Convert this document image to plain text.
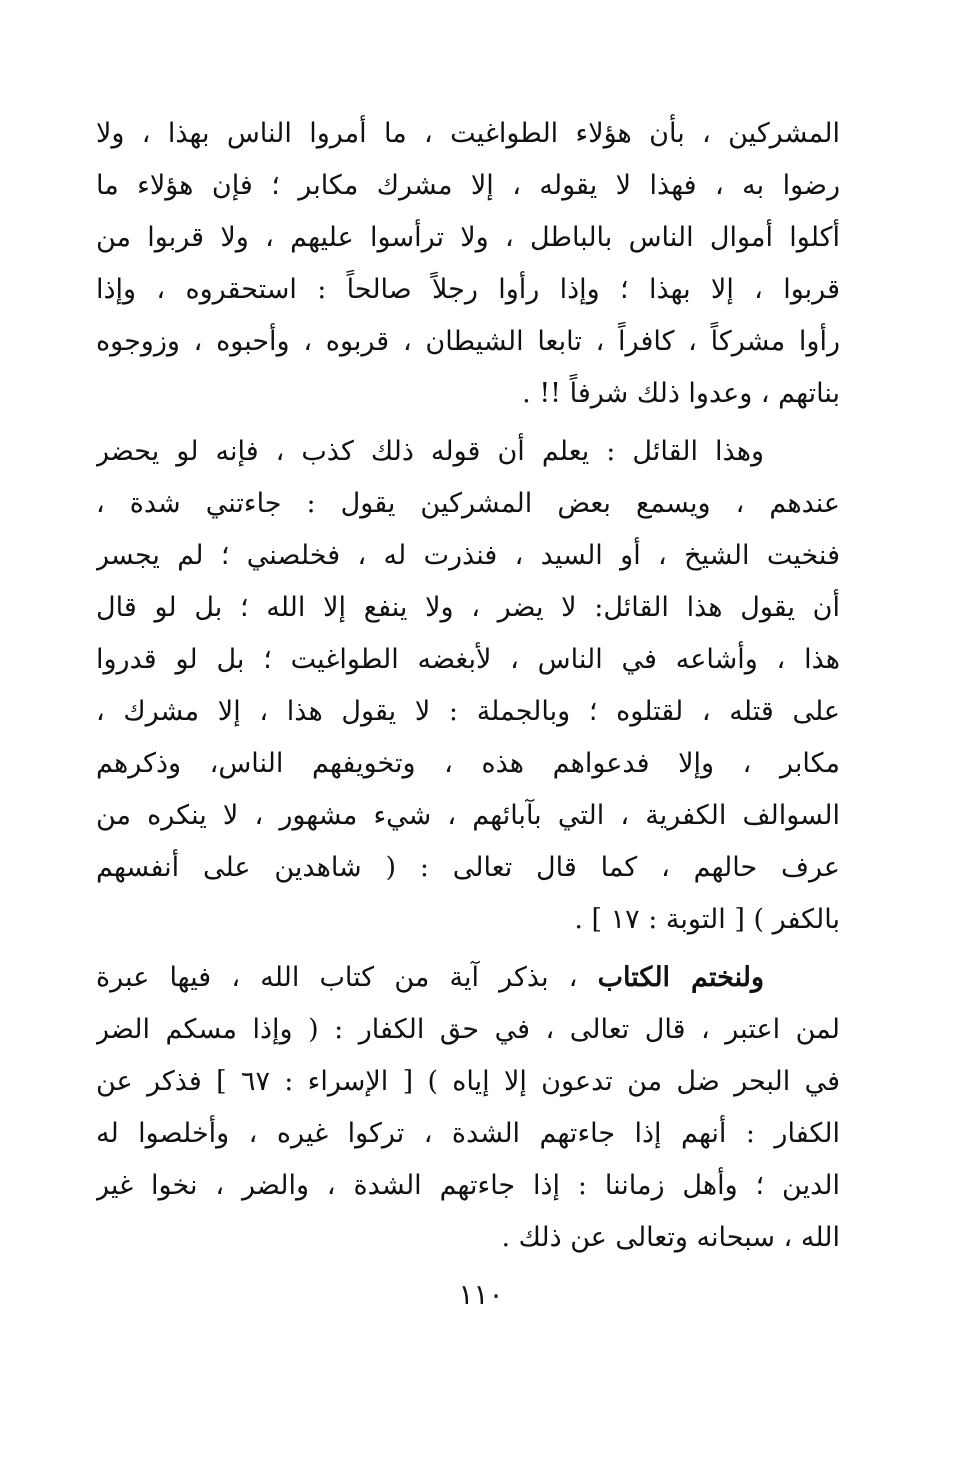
المشركين ، بأن هؤلاء الطواغيت ، ما أمروا الناس بهذا ، ولا
رضوا به ، فهذا لا يقوله ، إلا مشرك مكابر ؛ فإن هؤلاء ما
أكلوا أموال الناس بالباطل ، ولا ترأسوا عليهم ، ولا قربوا من
قربوا ، إلا بهذا ؛ وإذا رأوا رجلاً صالحاً : استحقروه ، وإذا
رأوا مشركاً ، كافراً ، تابعا الشيطان ، قربوه ، وأحبوه ، وزوجوه
بناتهم ، وعدوا ذلك شرفاً !! .
وهذا القائل : يعلم أن قوله ذلك كذب ، فإنه لو يحضر
عندهم ، ويسمع بعض المشركين يقول : جاءتني شدة ،
فنخيت الشيخ ، أو السيد ، فنذرت له ، فخلصني ؛ لم يجسر
أن يقول هذا القائل: لا يضر ، ولا ينفع إلا الله ؛ بل لو قال
هذا ، وأشاعه في الناس ، لأبغضه الطواغيت ؛ بل لو قدروا
على قتله ، لقتلوه ؛ وبالجملة : لا يقول هذا ، إلا مشرك ،
مكابر ، وإلا فدعواهم هذه ، وتخويفهم الناس، وذكرهم
السوالف الكفرية ، التي بآبائهم ، شيء مشهور ، لا ينكره من
عرف حالهم ، كما قال تعالى : ( شاهدين على أنفسهم
بالكفر ) [ التوبة : ١٧ ] .
ولنختم الكتاب ، بذكر آية من كتاب الله ، فيها عبرة
لمن اعتبر ، قال تعالى ، في حق الكفار : ( وإذا مسكم الضر
في البحر ضل من تدعون إلا إياه ) [ الإسراء : ٦٧ ] فذكر عن
الكفار : أنهم إذا جاءتهم الشدة ، تركوا غيره ، وأخلصوا له
الدين ؛ وأهل زماننا : إذا جاءتهم الشدة ، والضر ، نخوا غير
الله ، سبحانه وتعالى عن ذلك .
١١٠
